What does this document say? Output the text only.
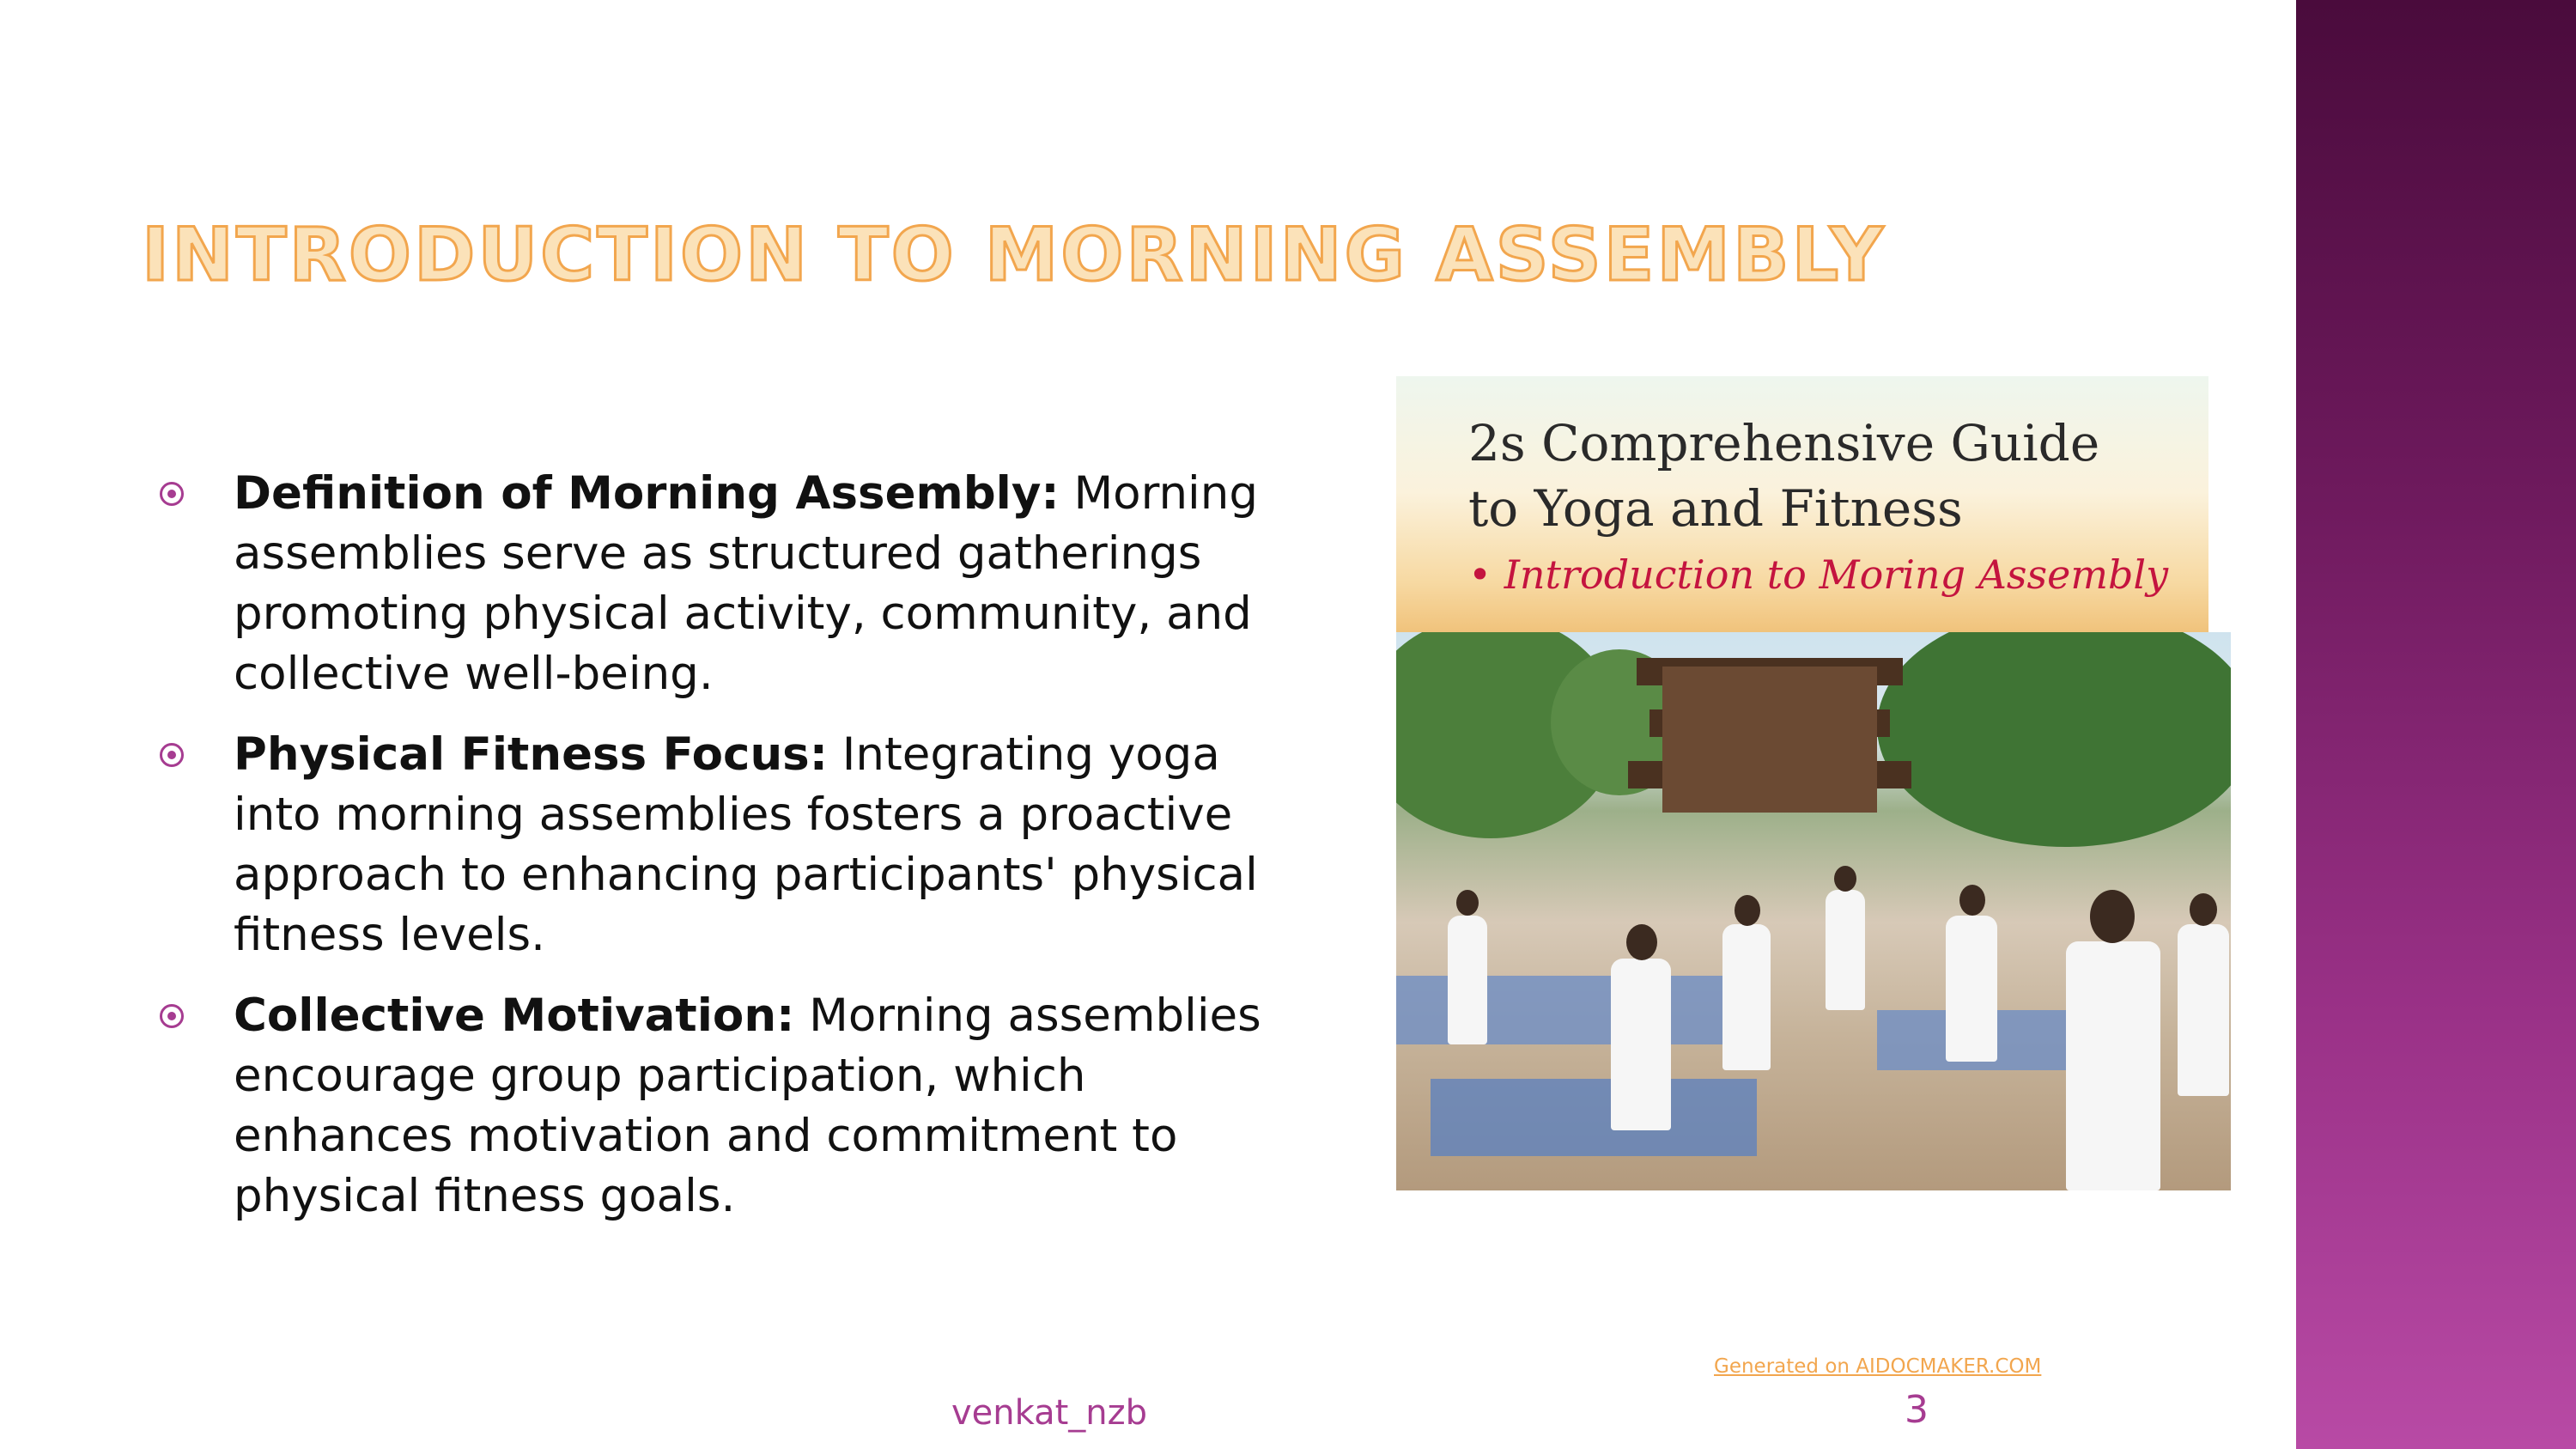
INTRODUCTION TO MORNING ASSEMBLY
Definition of Morning Assembly: Morning assemblies serve as structured gatherings promoting physical activity, community, and collective well-being.
Physical Fitness Focus: Integrating yoga into morning assemblies fosters a proactive approach to enhancing participants' physical fitness levels.
Collective Motivation: Morning assemblies encourage group participation, which enhances motivation and commitment to physical fitness goals.
2s Comprehensive Guide
to Yoga and Fitness
• Introduction to Moring Assembly
Generated on AIDOCMAKER.COM
venkat_nzb	3
